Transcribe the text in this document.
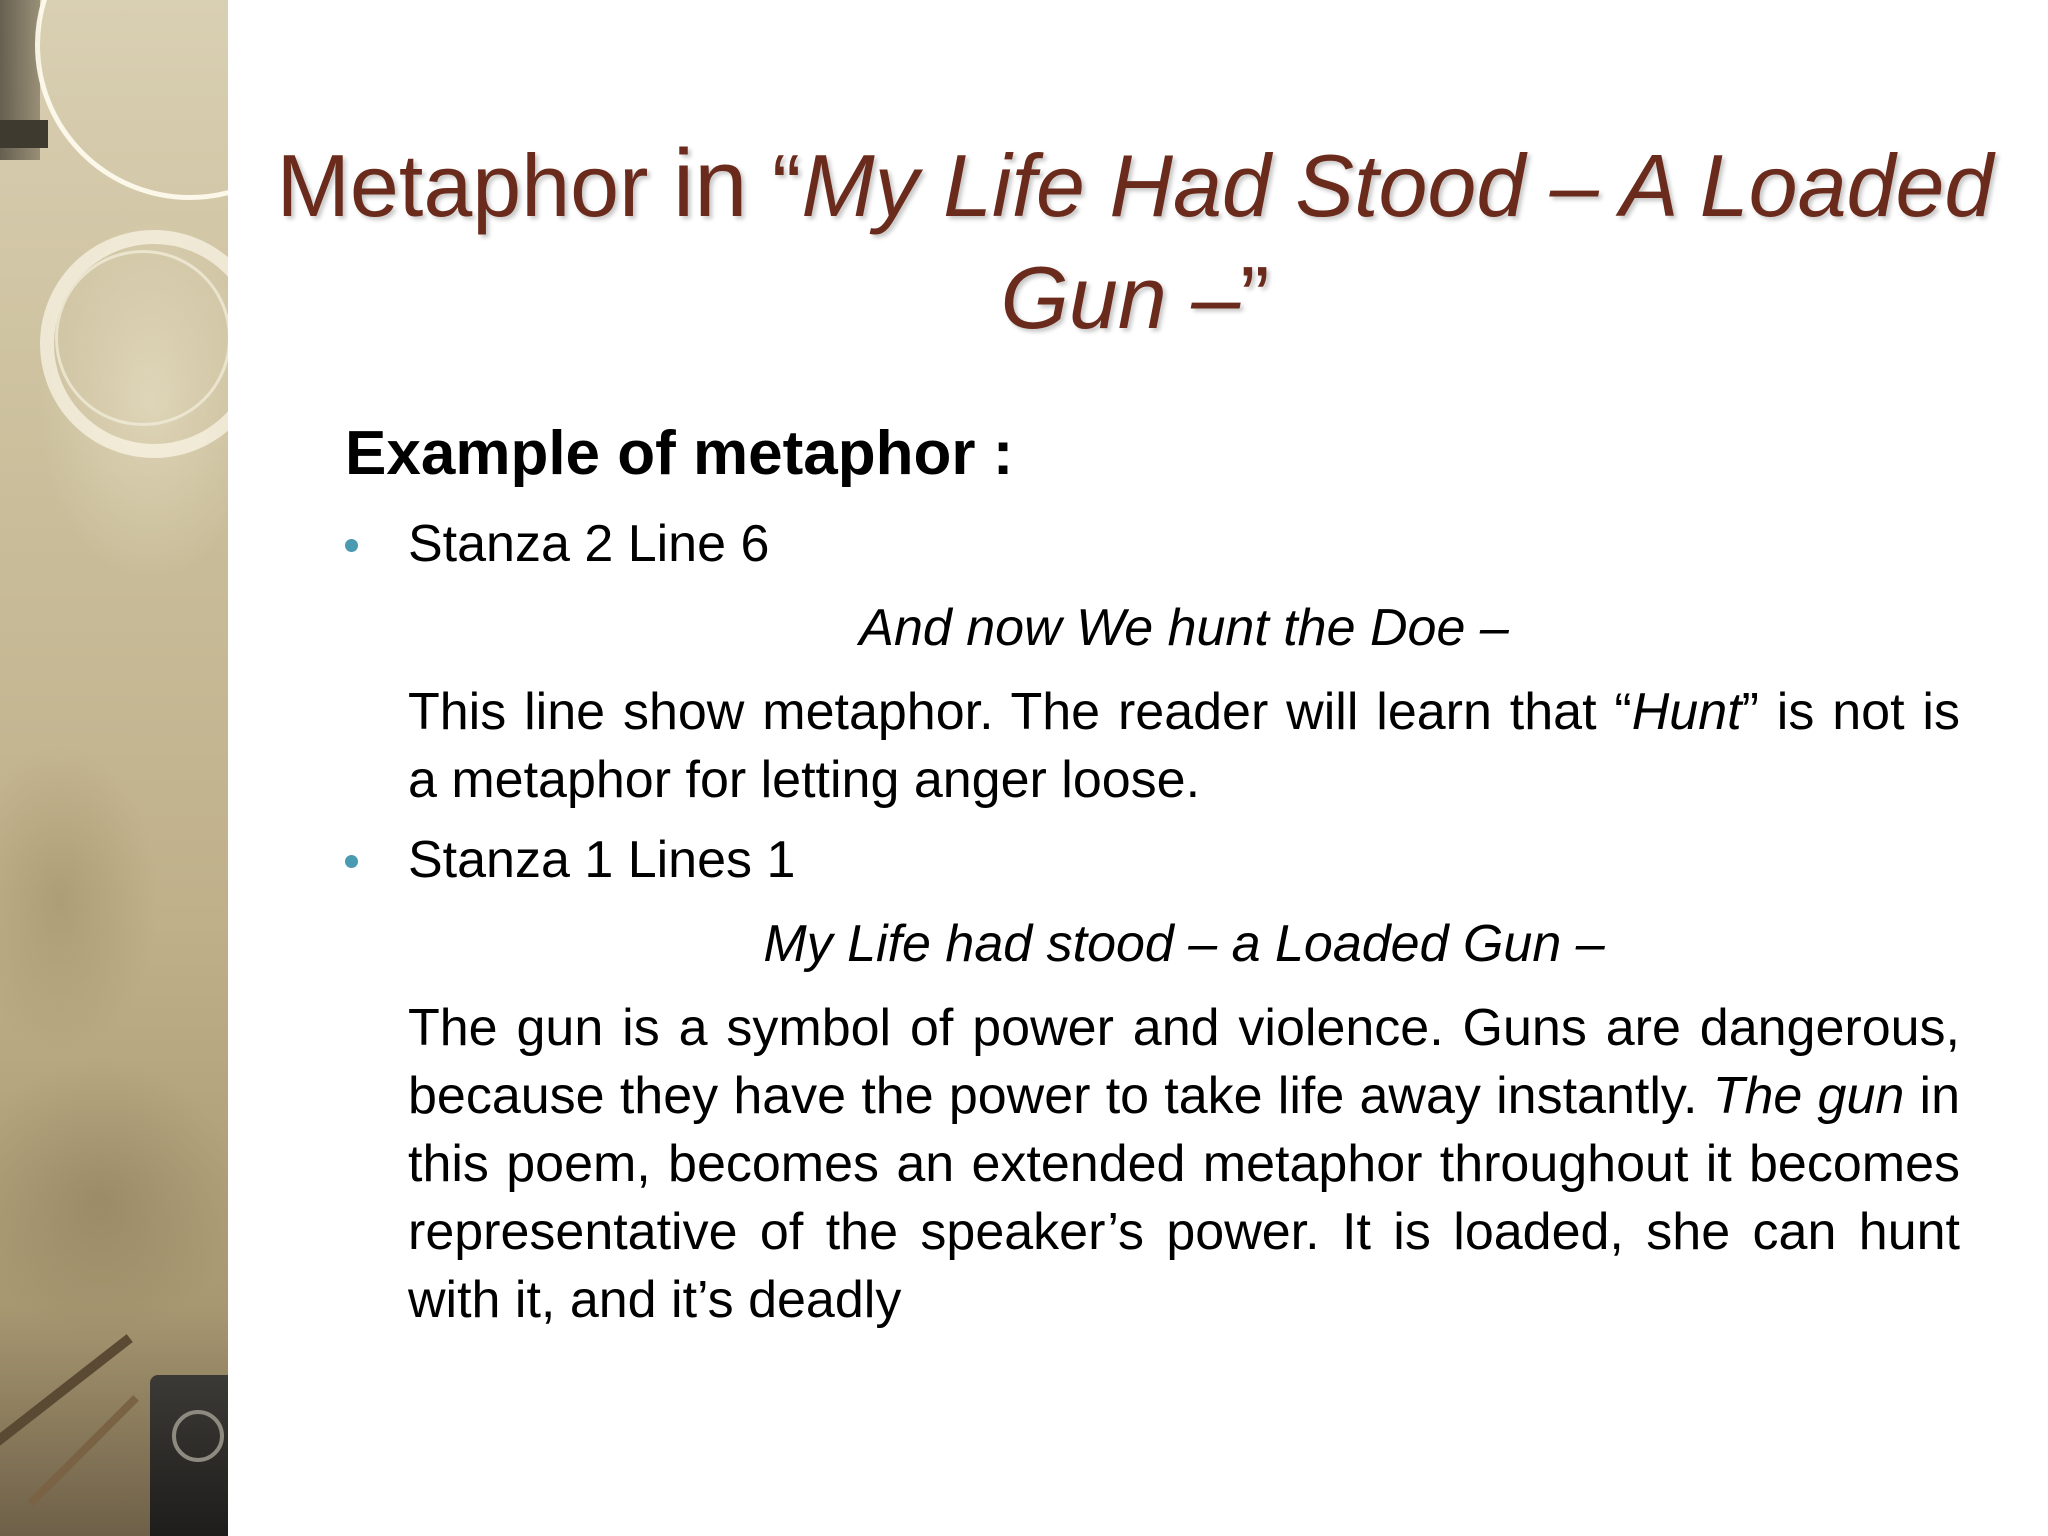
Metaphor in “My Life Had Stood – A Loaded Gun –”

Example of metaphor :

Stanza 2 Line 6
And now We hunt the Doe –
This line show metaphor. The reader will learn that “Hunt” is not is a metaphor for letting anger loose.
Stanza 1 Lines 1
My Life had stood – a Loaded Gun –
The gun is a symbol of power and violence. Guns are dangerous, because they have the power to take life away instantly. The gun in this poem, becomes an extended metaphor throughout it becomes representative of the speaker’s power. It is loaded, she can hunt with it, and it’s deadly
